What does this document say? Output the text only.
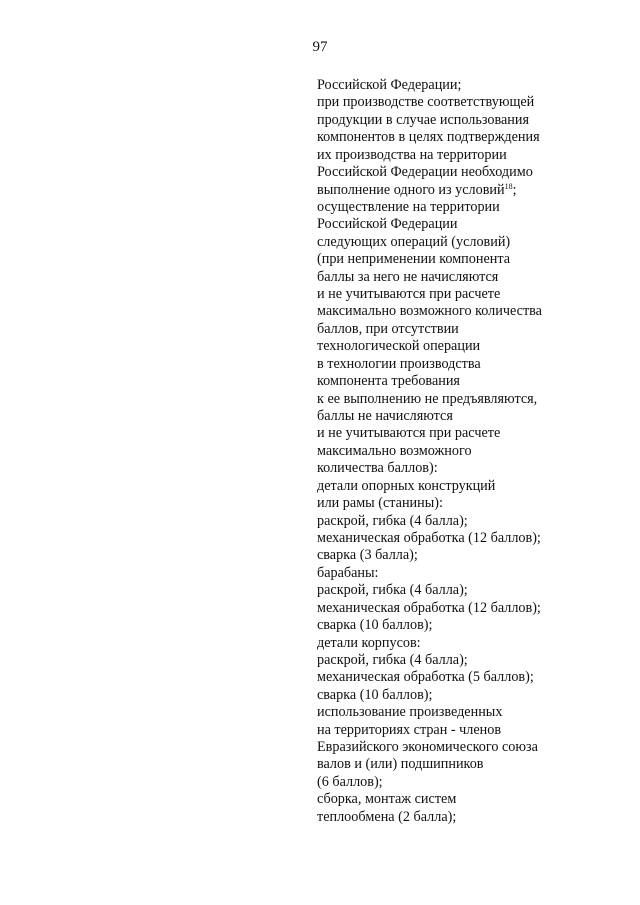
97
Российской Федерации;
при производстве соответствующей
продукции в случае использования
компонентов в целях подтверждения
их производства на территории
Российской Федерации необходимо
выполнение одного из условий$^{18}$;
осуществление на территории
Российской Федерации
следующих операций (условий)
(при неприменении компонента
баллы за него не начисляются
и не учитываются при расчете
максимально возможного количества
баллов, при отсутствии
технологической операции
в технологии производства
компонента требования
к ее выполнению не предъявляются,
баллы не начисляются
и не учитываются при расчете
максимально возможного
количества баллов):
детали опорных конструкций
или рамы (станины):
раскрой, гибка (4 балла);
механическая обработка (12 баллов);
сварка (3 балла);
барабаны:
раскрой, гибка (4 балла);
механическая обработка (12 баллов);
сварка (10 баллов);
детали корпусов:
раскрой, гибка (4 балла);
механическая обработка (5 баллов);
сварка (10 баллов);
использование произведенных
на территориях стран - членов
Евразийского экономического союза
валов и (или) подшипников
(6 баллов);
сборка, монтаж систем
теплообмена (2 балла);
